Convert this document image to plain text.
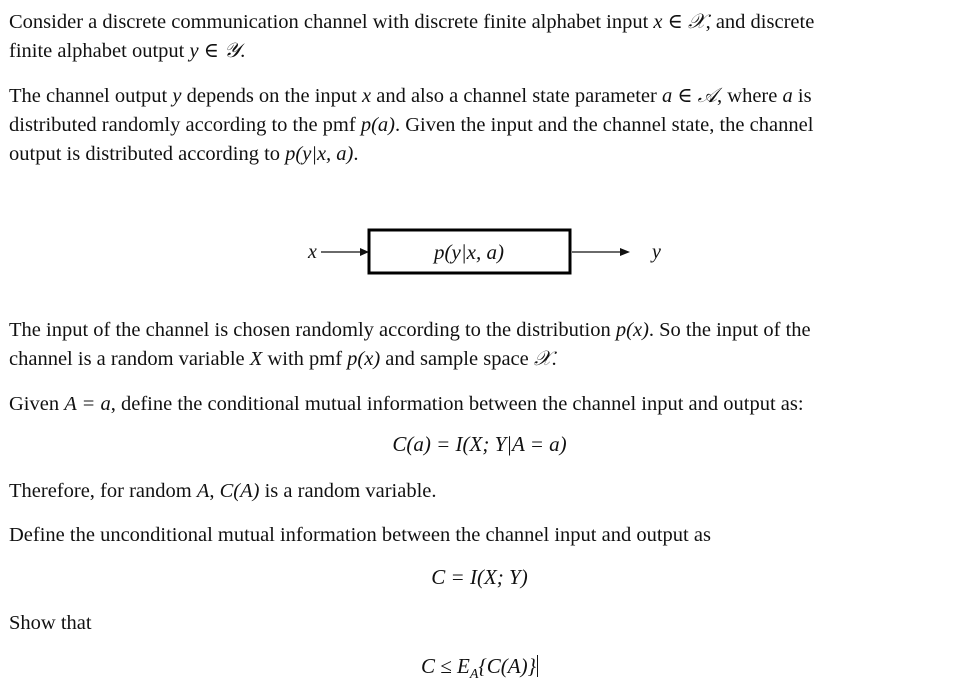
Consider a discrete communication channel with discrete finite alphabet input x ∈ 𝒳, and discrete
finite alphabet output y ∈ 𝒴.

The channel output y depends on the input x and also a channel state parameter a ∈ 𝒜, where a is
distributed randomly according to the pmf p(a). Given the input and the channel state, the channel
output is distributed according to p(y|x, a).

x	p(y|x, a)	y

The input of the channel is chosen randomly according to the distribution p(x). So the input of the
channel is a random variable X with pmf p(x) and sample space 𝒳.

Given A = a, define the conditional mutual information between the channel input and output as:

C(a) = I(X; Y|A = a)

Therefore, for random A, C(A) is a random variable.

Define the unconditional mutual information between the channel input and output as

C = I(X; Y)

Show that

$C \le E_A\{C(A)\}$
